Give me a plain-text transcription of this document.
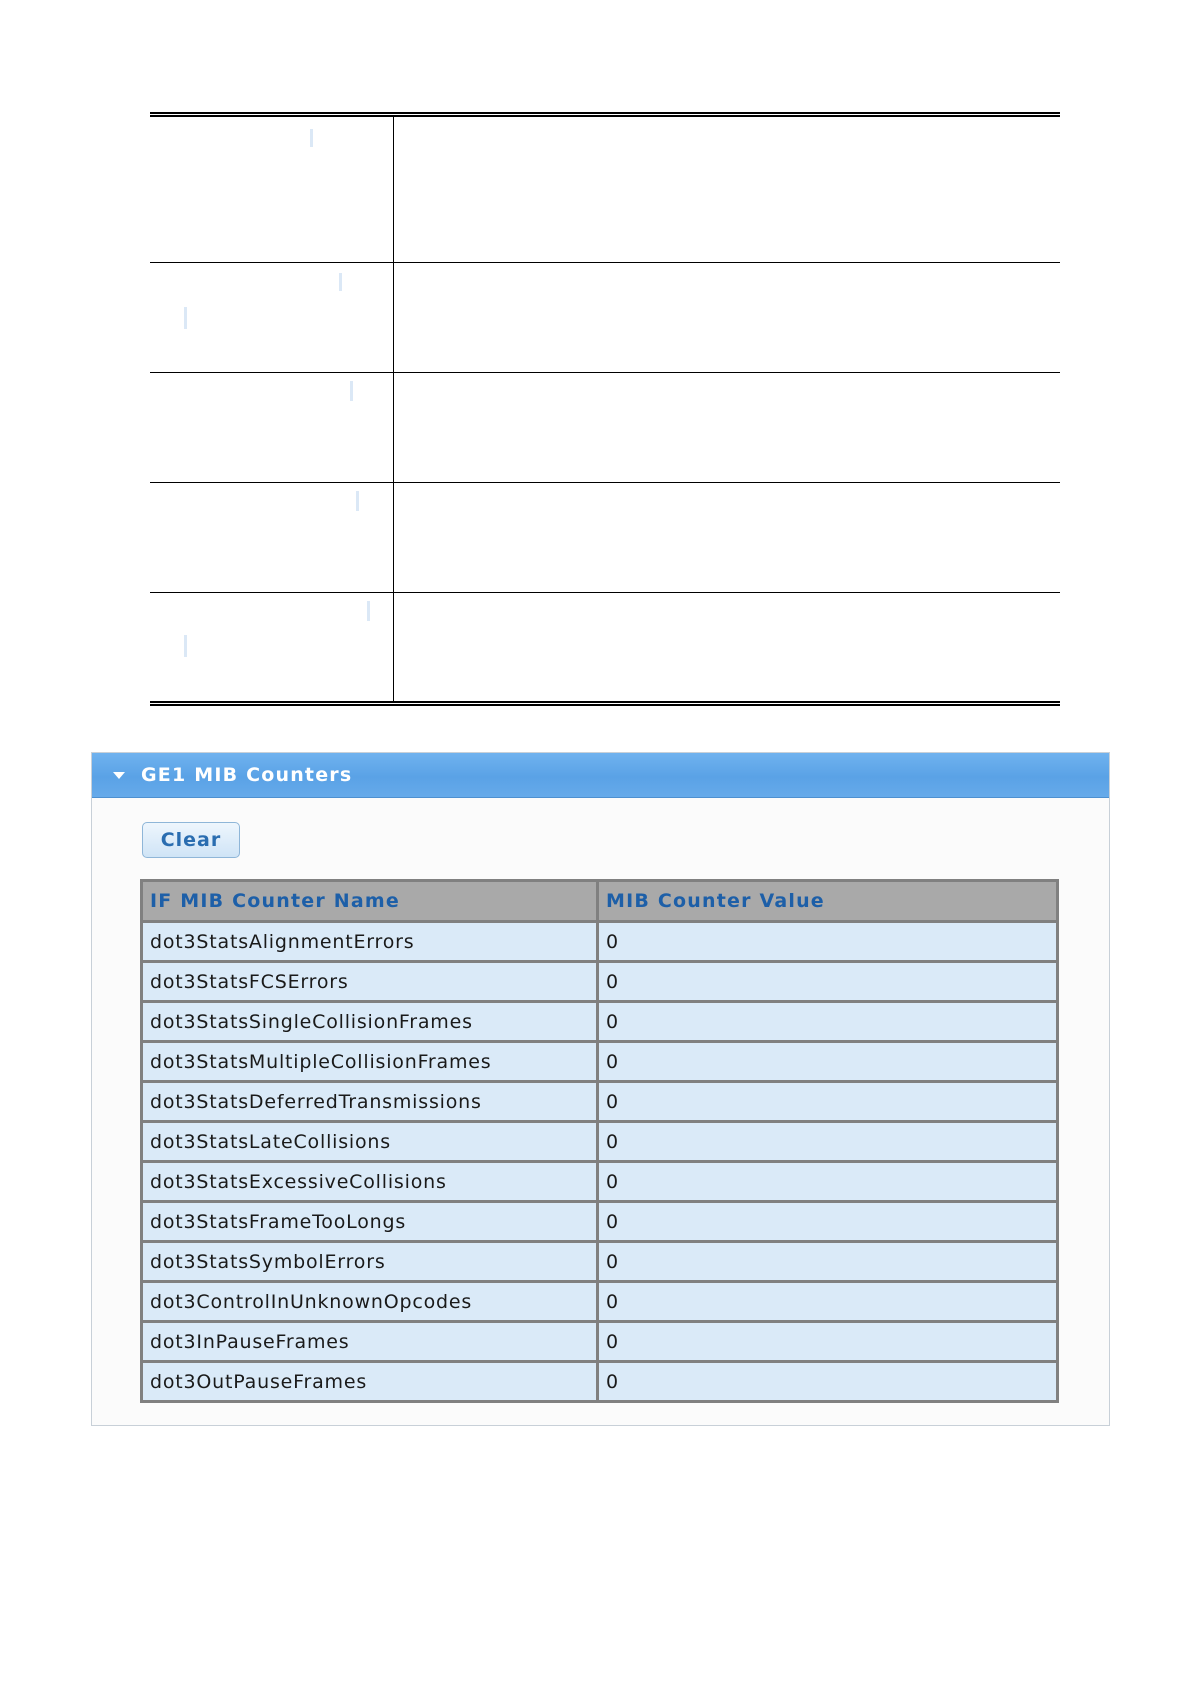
GE1 MIB Counters
Clear
IF MIB Counter Name	MIB Counter Value
dot3StatsAlignmentErrors	0
dot3StatsFCSErrors	0
dot3StatsSingleCollisionFrames	0
dot3StatsMultipleCollisionFrames	0
dot3StatsDeferredTransmissions	0
dot3StatsLateCollisions	0
dot3StatsExcessiveCollisions	0
dot3StatsFrameTooLongs	0
dot3StatsSymbolErrors	0
dot3ControlInUnknownOpcodes	0
dot3InPauseFrames	0
dot3OutPauseFrames	0
